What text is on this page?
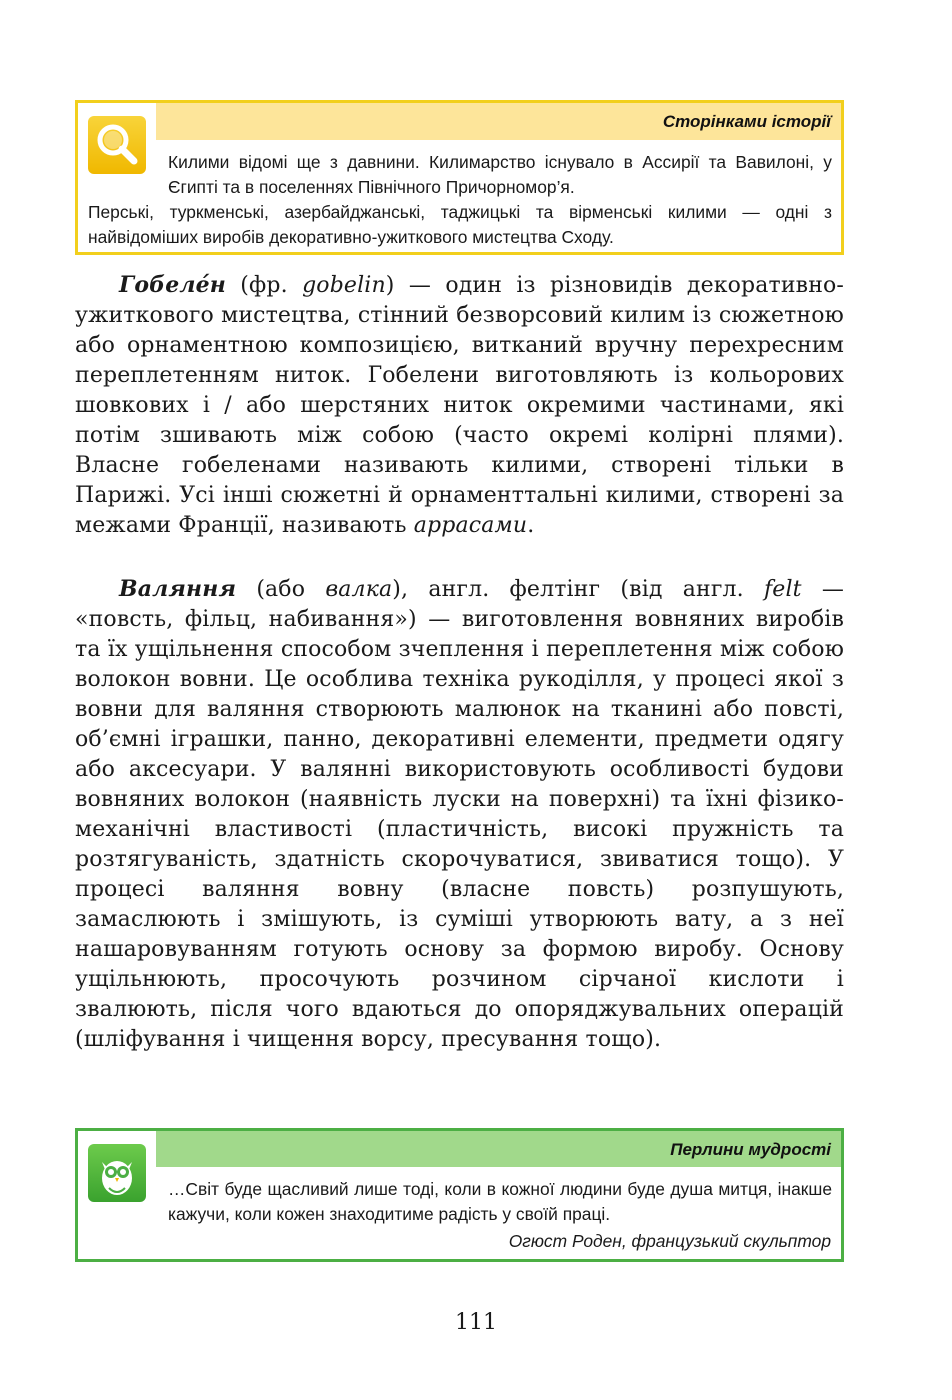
Сторінками історії
Килими відомі ще з давнини. Килимарство існувало в Ассирії та Вавилоні, у Єгипті та в поселеннях Північного Причорномор’я.
Перські, туркменські, азербайджанські, таджицькі та вірменські килими — одні з найвідоміших виробів декоративно-ужиткового мистецтва Сходу.
Гобеле́н (фр. gobelin) — один із різновидів декоративно-ужиткового мистецтва, стінний безворсовий килим із сюжетною або орнаментною композицією, витканий вручну перехресним переплетенням ниток. Гобелени виготовляють із кольорових шовкових і / або шерстяних ниток окремими частинами, які потім зшивають між собою (часто окремі колірні плями). Власне гобеленами називають килими, створені тільки в Парижі. Усі інші сюжетні й орнаменттальні килими, створені за межами Франції, називають аррасами.
Валяння (або валка), англ. фелтінг (від англ. felt — «повсть, фільц, набивання») — виготовлення вовняних виробів та їх ущільнення способом зчеплення і переплетення між собою волокон вовни. Це особлива техніка рукоділля, у процесі якої з вовни для валяння створюють малюнок на тканині або повсті, об’ємні іграшки, панно, декоративні елементи, предмети одягу або аксесуари. У валянні використовують особливості будови вовняних волокон (наявність луски на поверхні) та їхні фізико-механічні властивості (пластичність, високі пружність та розтягуваність, здатність скорочуватися, звиватися тощо). У процесі валяння вовну (власне повсть) розпушують, замаслюють і змішують, із суміші утворюють вату, а з неї нашаровуванням готують основу за формою виробу. Основу ущільнюють, просочують розчином сірчаної кислоти і звалюють, після чого вдаються до опоряджувальних операцій (шліфування і чищення ворсу, пресування тощо).
Перлини мудрості
…Світ буде щасливий лише тоді, коли в кожної людини буде душа митця, інакше кажучи, коли кожен знаходитиме радість у своїй праці.
Огюст Роден, французький скульптор
111
